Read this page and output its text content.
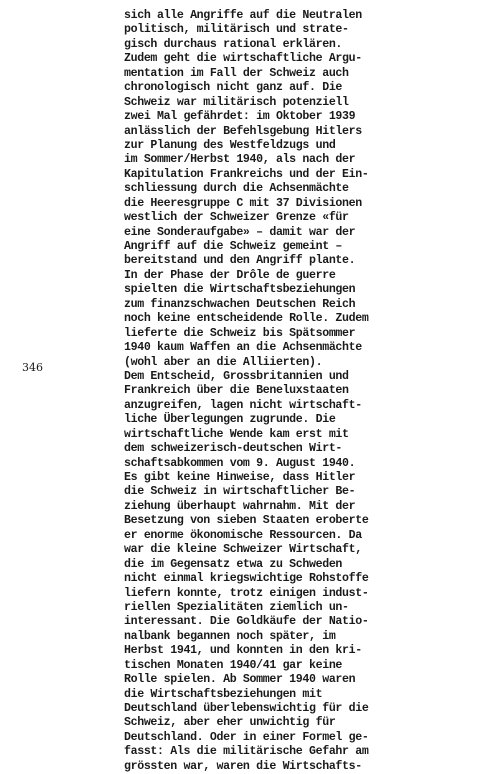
346
sich alle Angriffe auf die Neutralen
politisch, militärisch und strate-
gisch durchaus rational erklären.
Zudem geht die wirtschaftliche Argu-
mentation im Fall der Schweiz auch
chronologisch nicht ganz auf. Die
Schweiz war militärisch potenziell
zwei Mal gefährdet: im Oktober 1939
anlässlich der Befehlsgebung Hitlers
zur Planung des Westfeldzugs und
im Sommer/Herbst 1940, als nach der
Kapitulation Frankreichs und der Ein-
schliessung durch die Achsenmächte
die Heeresgruppe C mit 37 Divisionen
westlich der Schweizer Grenze «für
eine Sonderaufgabe» – damit war der
Angriff auf die Schweiz gemeint –
bereitstand und den Angriff plante.
In der Phase der Drôle de guerre
spielten die Wirtschaftsbeziehungen
zum finanzschwachen Deutschen Reich
noch keine entscheidende Rolle. Zudem
lieferte die Schweiz bis Spätsommer
1940 kaum Waffen an die Achsenmächte
(wohl aber an die Alliierten).
Dem Entscheid, Grossbritannien und
Frankreich über die Beneluxstaaten
anzugreifen, lagen nicht wirtschaft-
liche Überlegungen zugrunde. Die
wirtschaftliche Wende kam erst mit
dem schweizerisch-deutschen Wirt-
schaftsabkommen vom 9. August 1940.
Es gibt keine Hinweise, dass Hitler
die Schweiz in wirtschaftlicher Be-
ziehung überhaupt wahrnahm. Mit der
Besetzung von sieben Staaten eroberte
er enorme ökonomische Ressourcen. Da
war die kleine Schweizer Wirtschaft,
die im Gegensatz etwa zu Schweden
nicht einmal kriegswichtige Rohstoffe
liefern konnte, trotz einigen indust-
riellen Spezialitäten ziemlich un-
interessant. Die Goldkäufe der Natio-
nalbank begannen noch später, im
Herbst 1941, und konnten in den kri-
tischen Monaten 1940/41 gar keine
Rolle spielen. Ab Sommer 1940 waren
die Wirtschaftsbeziehungen mit
Deutschland überlebenswichtig für die
Schweiz, aber eher unwichtig für
Deutschland. Oder in einer Formel ge-
fasst: Als die militärische Gefahr am
grössten war, waren die Wirtschafts-
